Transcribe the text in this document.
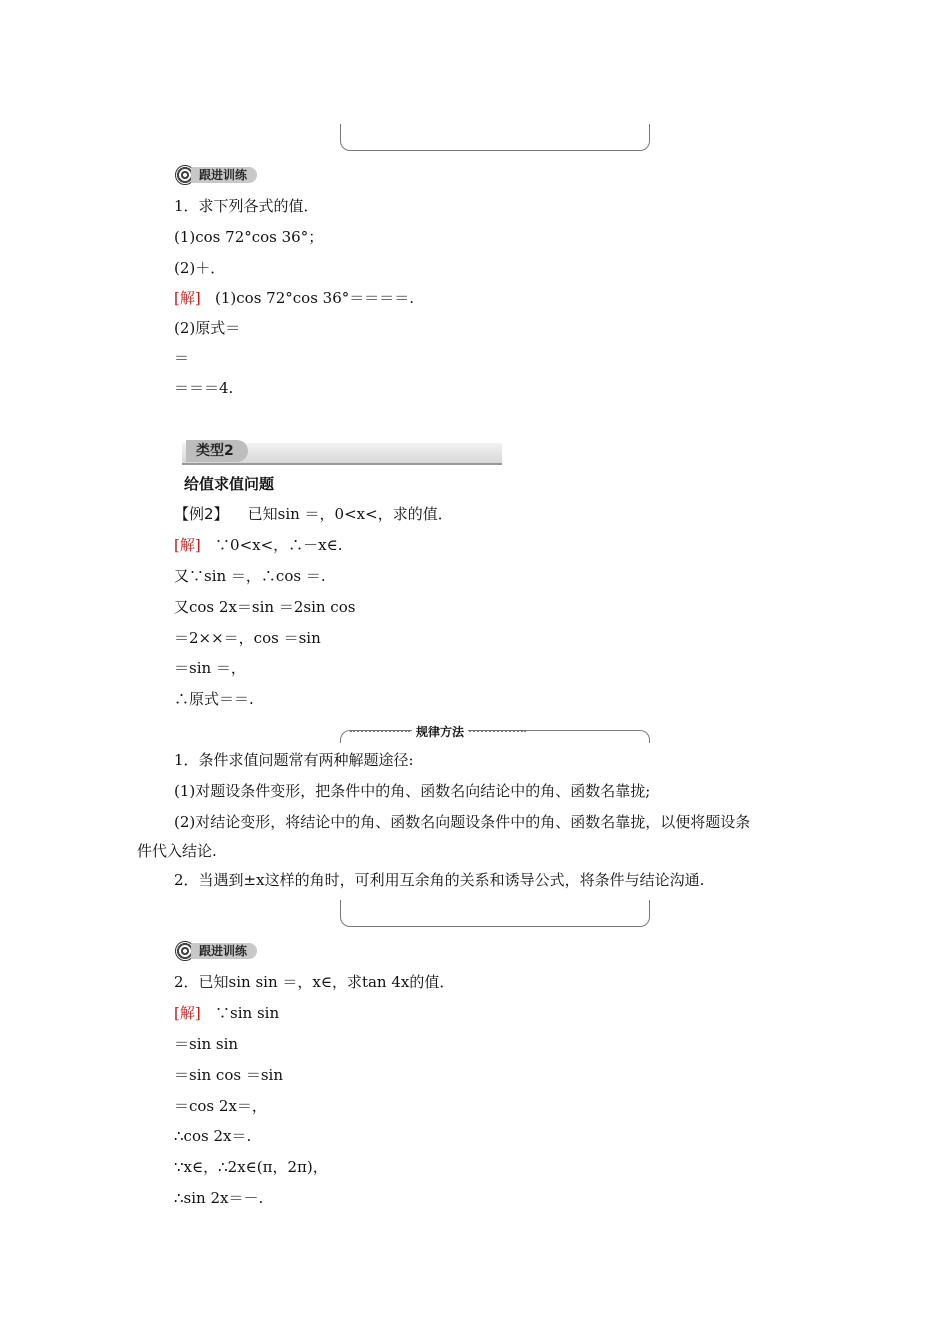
跟进训练
1．求下列各式的值．
(1)cos 72°cos 36°；
(2)＋．
[解] (1)cos 72°cos 36°＝＝＝＝.
(2)原式＝
＝
＝＝＝4.
类型2
给值求值问题
【例2】 已知sin ＝，0<x<，求的值．
[解] ∵0<x<，∴－x∈.
又∵sin ＝，∴cos ＝.
又cos 2x＝sin ＝2sin cos
＝2××＝，cos ＝sin
＝sin ＝，
∴原式＝＝.
规律方法
1．条件求值问题常有两种解题途径:
(1)对题设条件变形，把条件中的角、函数名向结论中的角、函数名靠拢;
(2)对结论变形，将结论中的角、函数名向题设条件中的角、函数名靠拢，以便将题设条
件代入结论.
2．当遇到±x这样的角时，可利用互余角的关系和诱导公式，将条件与结论沟通.
跟进训练
2．已知sin sin ＝，x∈，求tan 4x的值．
[解] ∵sin sin
＝sin sin
＝sin cos ＝sin
＝cos 2x＝，
∴cos 2x＝.
∵x∈，∴2x∈(π，2π)，
∴sin 2x＝－.
